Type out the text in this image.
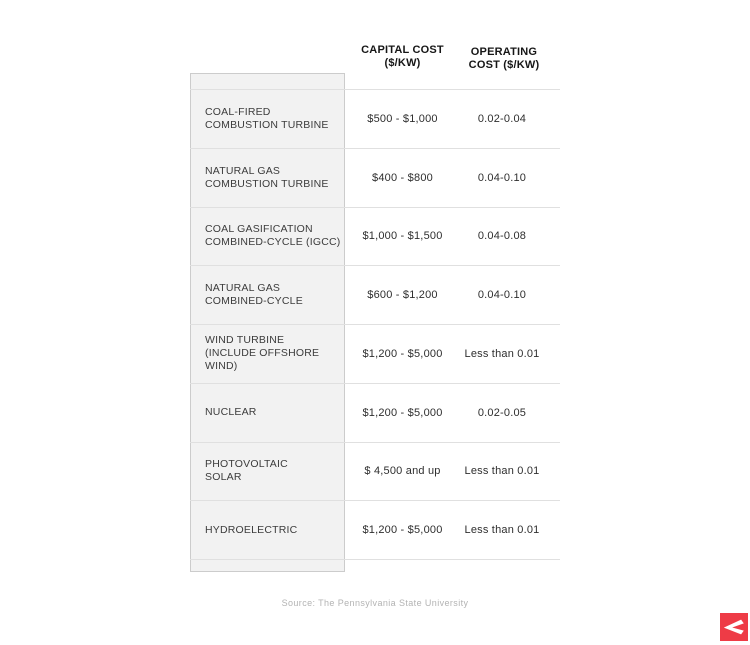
CAPITAL COST
($/KW)
OPERATING
COST ($/KW)
COAL-FIRED
COMBUSTION TURBINE	$500 - $1,000	0.02-0.04
NATURAL GAS
COMBUSTION TURBINE	$400 - $800	0.04-0.10
COAL GASIFICATION
COMBINED-CYCLE (IGCC)	$1,000 - $1,500	0.04-0.08
NATURAL GAS
COMBINED-CYCLE	$600 - $1,200	0.04-0.10
WIND TURBINE
(INCLUDE OFFSHORE
WIND)
$1,200 - $5,000	Less than 0.01
NUCLEAR	$1,200 - $5,000	0.02-0.05
PHOTOVOLTAIC
SOLAR	$ 4,500 and up	Less than 0.01
HYDROELECTRIC	$1,200 - $5,000	Less than 0.01
Source: The Pennsylvania State University
